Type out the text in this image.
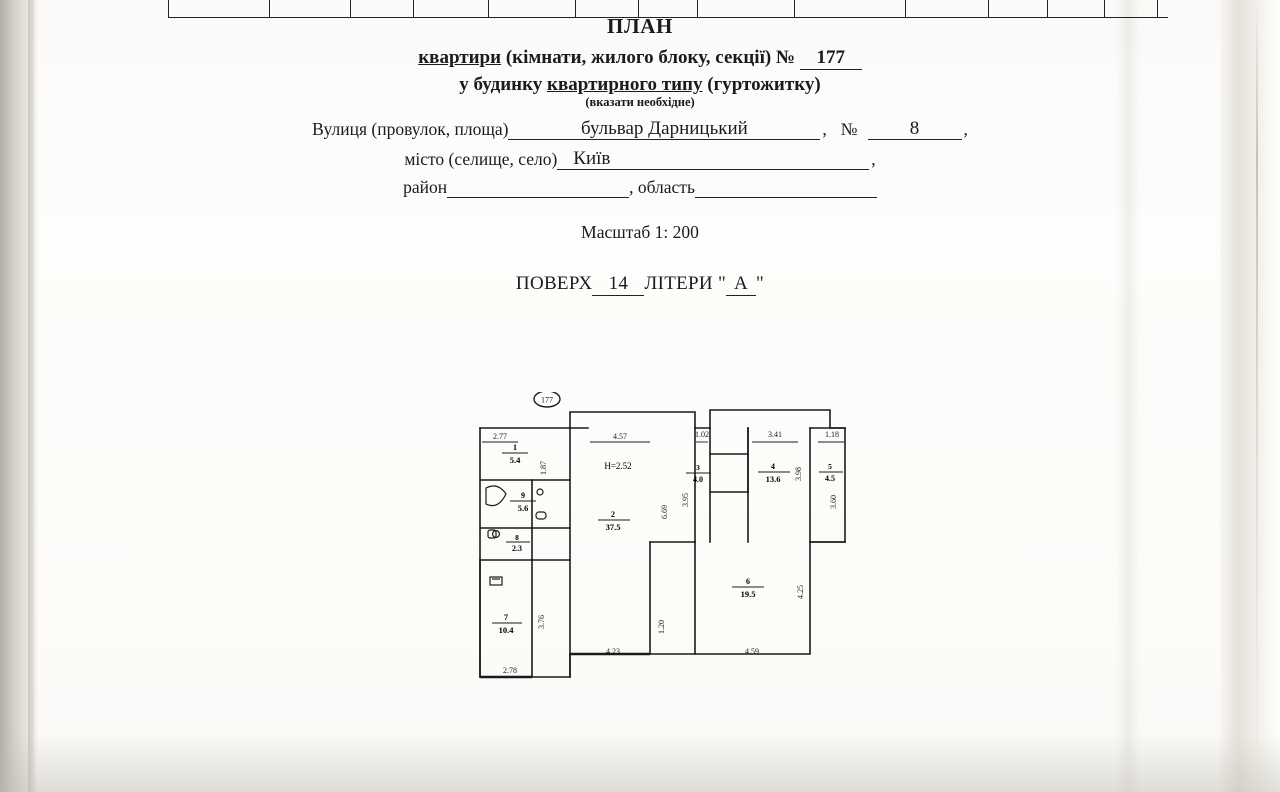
ПЛАН
квартири (кімнати, жилого блоку, секції) № 177
у будинку квартирного типу (гуртожитку)
(вказати необхідне)
Вулиця (провулок, площа)	бульвар Дарницький	, №	8	,
місто (селище, село) Київ	,
район	, область
Масштаб 1: 200
ПОВЕРХ 14 ЛІТЕРИ " А "
177
1
5.4
9
5.6
8
2.3
7
10.4
2
37.5
H=2.52	3
4.0
4
13.6
5
4.5
6
19.5
2.77	4.57	1.02	3.41	1.18
4.23	4.59
2.78
1.87
3.76
6.69
1.20
3.95
3.98
3.60
4.25
